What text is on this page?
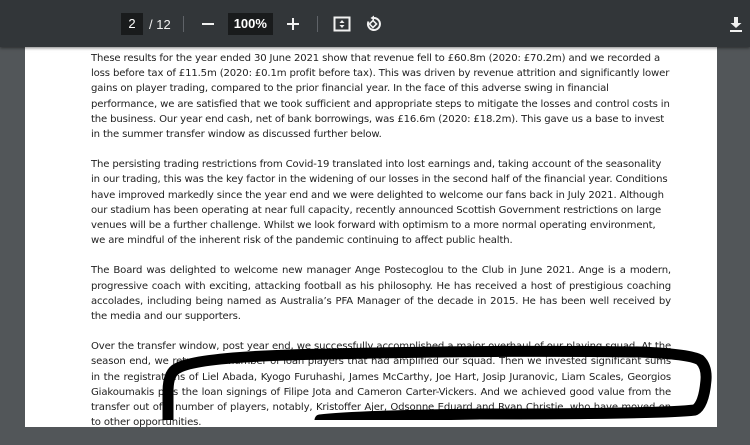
2
/ 12	100%

These results for the year ended 30 June 2021 show that revenue fell to £60.8m (2020: £70.2m) and we recorded a loss before tax of £11.5m (2020: £0.1m profit before tax). This was driven by revenue attrition and significantly lower gains on player trading, compared to the prior financial year. In the face of this adverse swing in financial performance, we are satisfied that we took sufficient and appropriate steps to mitigate the losses and control costs in the business. Our year end cash, net of bank borrowings, was £16.6m (2020: £18.2m). This gave us a base to invest in the summer transfer window as discussed further below.

The persisting trading restrictions from Covid-19 translated into lost earnings and, taking account of the seasonality in our trading, this was the key factor in the widening of our losses in the second half of the financial year. Conditions have improved markedly since the year end and we were delighted to welcome our fans back in July 2021. Although our stadium has been operating at near full capacity, recently announced Scottish Government restrictions on large venues will be a further challenge. Whilst we look forward with optimism to a more normal operating environment, we are mindful of the inherent risk of the pandemic continuing to affect public health.

The Board was delighted to welcome new manager Ange Postecoglou to the Club in June 2021. Ange is a modern, progressive coach with exciting, attacking football as his philosophy. He has received a host of prestigious coaching accolades, including being named as Australia’s PFA Manager of the decade in 2015. He has been well received by the media and our supporters.

Over the transfer window, post year end, we successfully accomplished a major overhaul of our playing squad. At the season end, we returned a number of loan players that had amplified our squad. Then we invested significant sums in the registrations of Liel Abada, Kyogo Furuhashi, James McCarthy, Joe Hart, Josip Juranovic, Liam Scales, Georgios Giakoumakis plus the loan signings of Filipe Jota and Cameron Carter-Vickers. And we achieved good value from the transfer out of a number of players, notably, Kristoffer Ajer, Odsonne Eduard and Ryan Christie, who have moved on to other opportunities.
